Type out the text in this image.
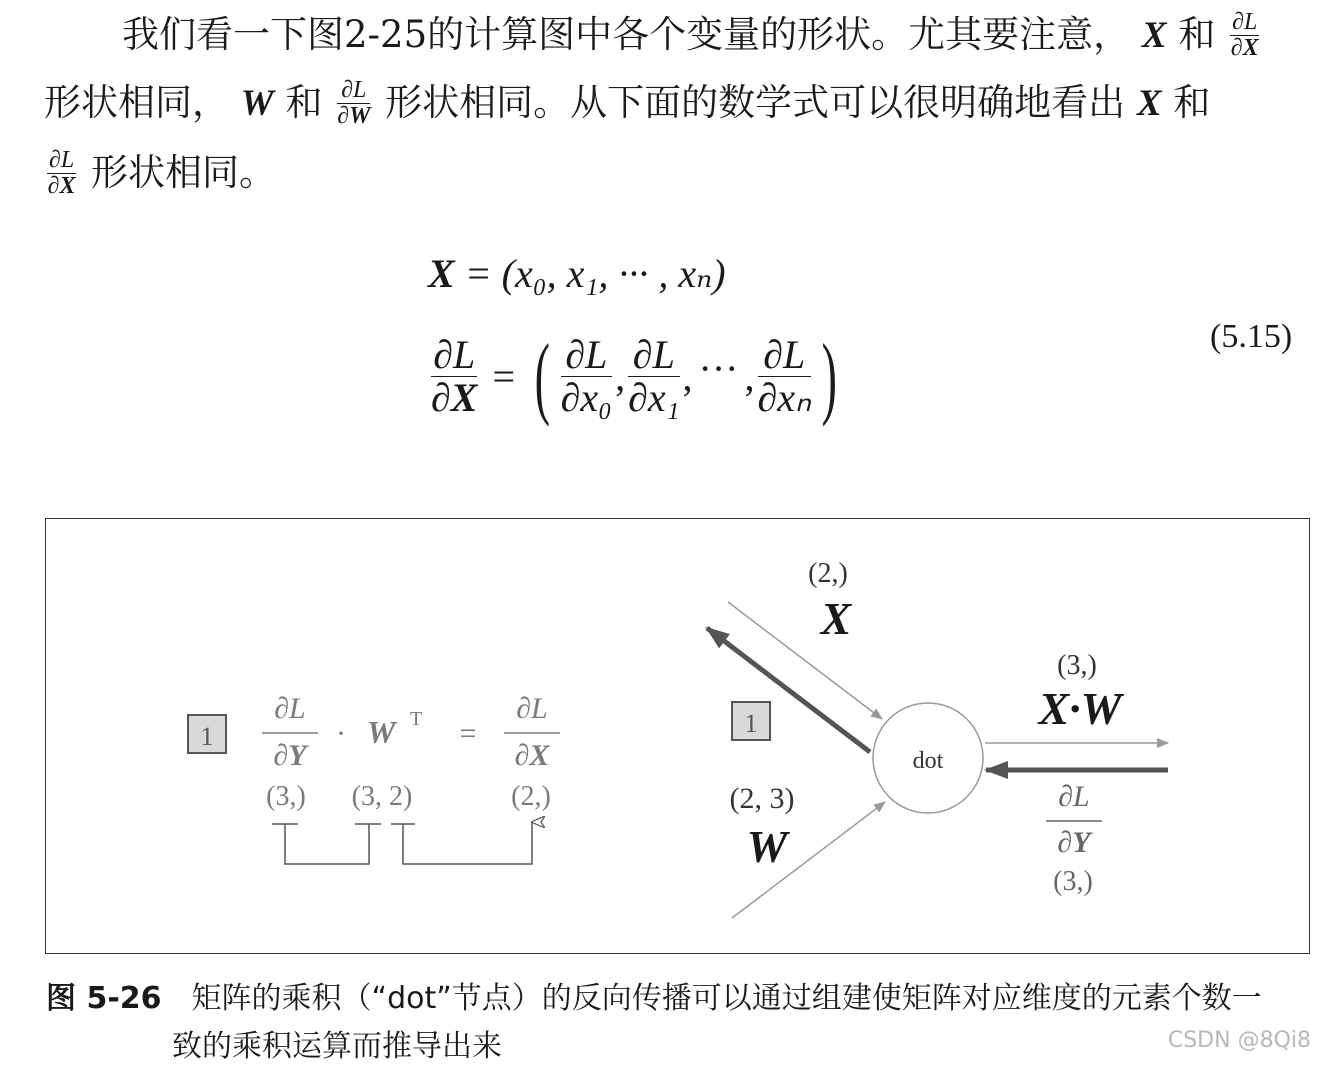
我们看一下图2-25的计算图中各个变量的形状。尤其要注意， X 和 $\frac{\partial L}{\partial X}$
形状相同， W 和 $\frac{\partial L}{\partial W}$ 形状相同。从下面的数学式可以很明确地看出 X 和
$\frac{\partial L}{\partial X}$ 形状相同。
X = (x₀, x₁, ··· , xₙ)
$\frac{\partial L}{\partial X}$ = ( $\frac{\partial L}{\text{∂x₀}}$ , $\frac{\partial L}{\text{∂x₁}}$ , ··· , $\frac{\partial L}{\text{∂xₙ}}$ )	(5.15)
1
∂L
∂Y
· W T =
∂L
∂X
(3,) (3, 2)	(2,)
1
dot
(2,)
X
(2, 3)
W
(3,)
X·W
∂L
∂Y
(3,)
图 5-26 矩阵的乘积（“dot”节点）的反向传播可以通过组建使矩阵对应维度的元素个数一
致的乘积运算而推导出来	CSDN @8Qi8
